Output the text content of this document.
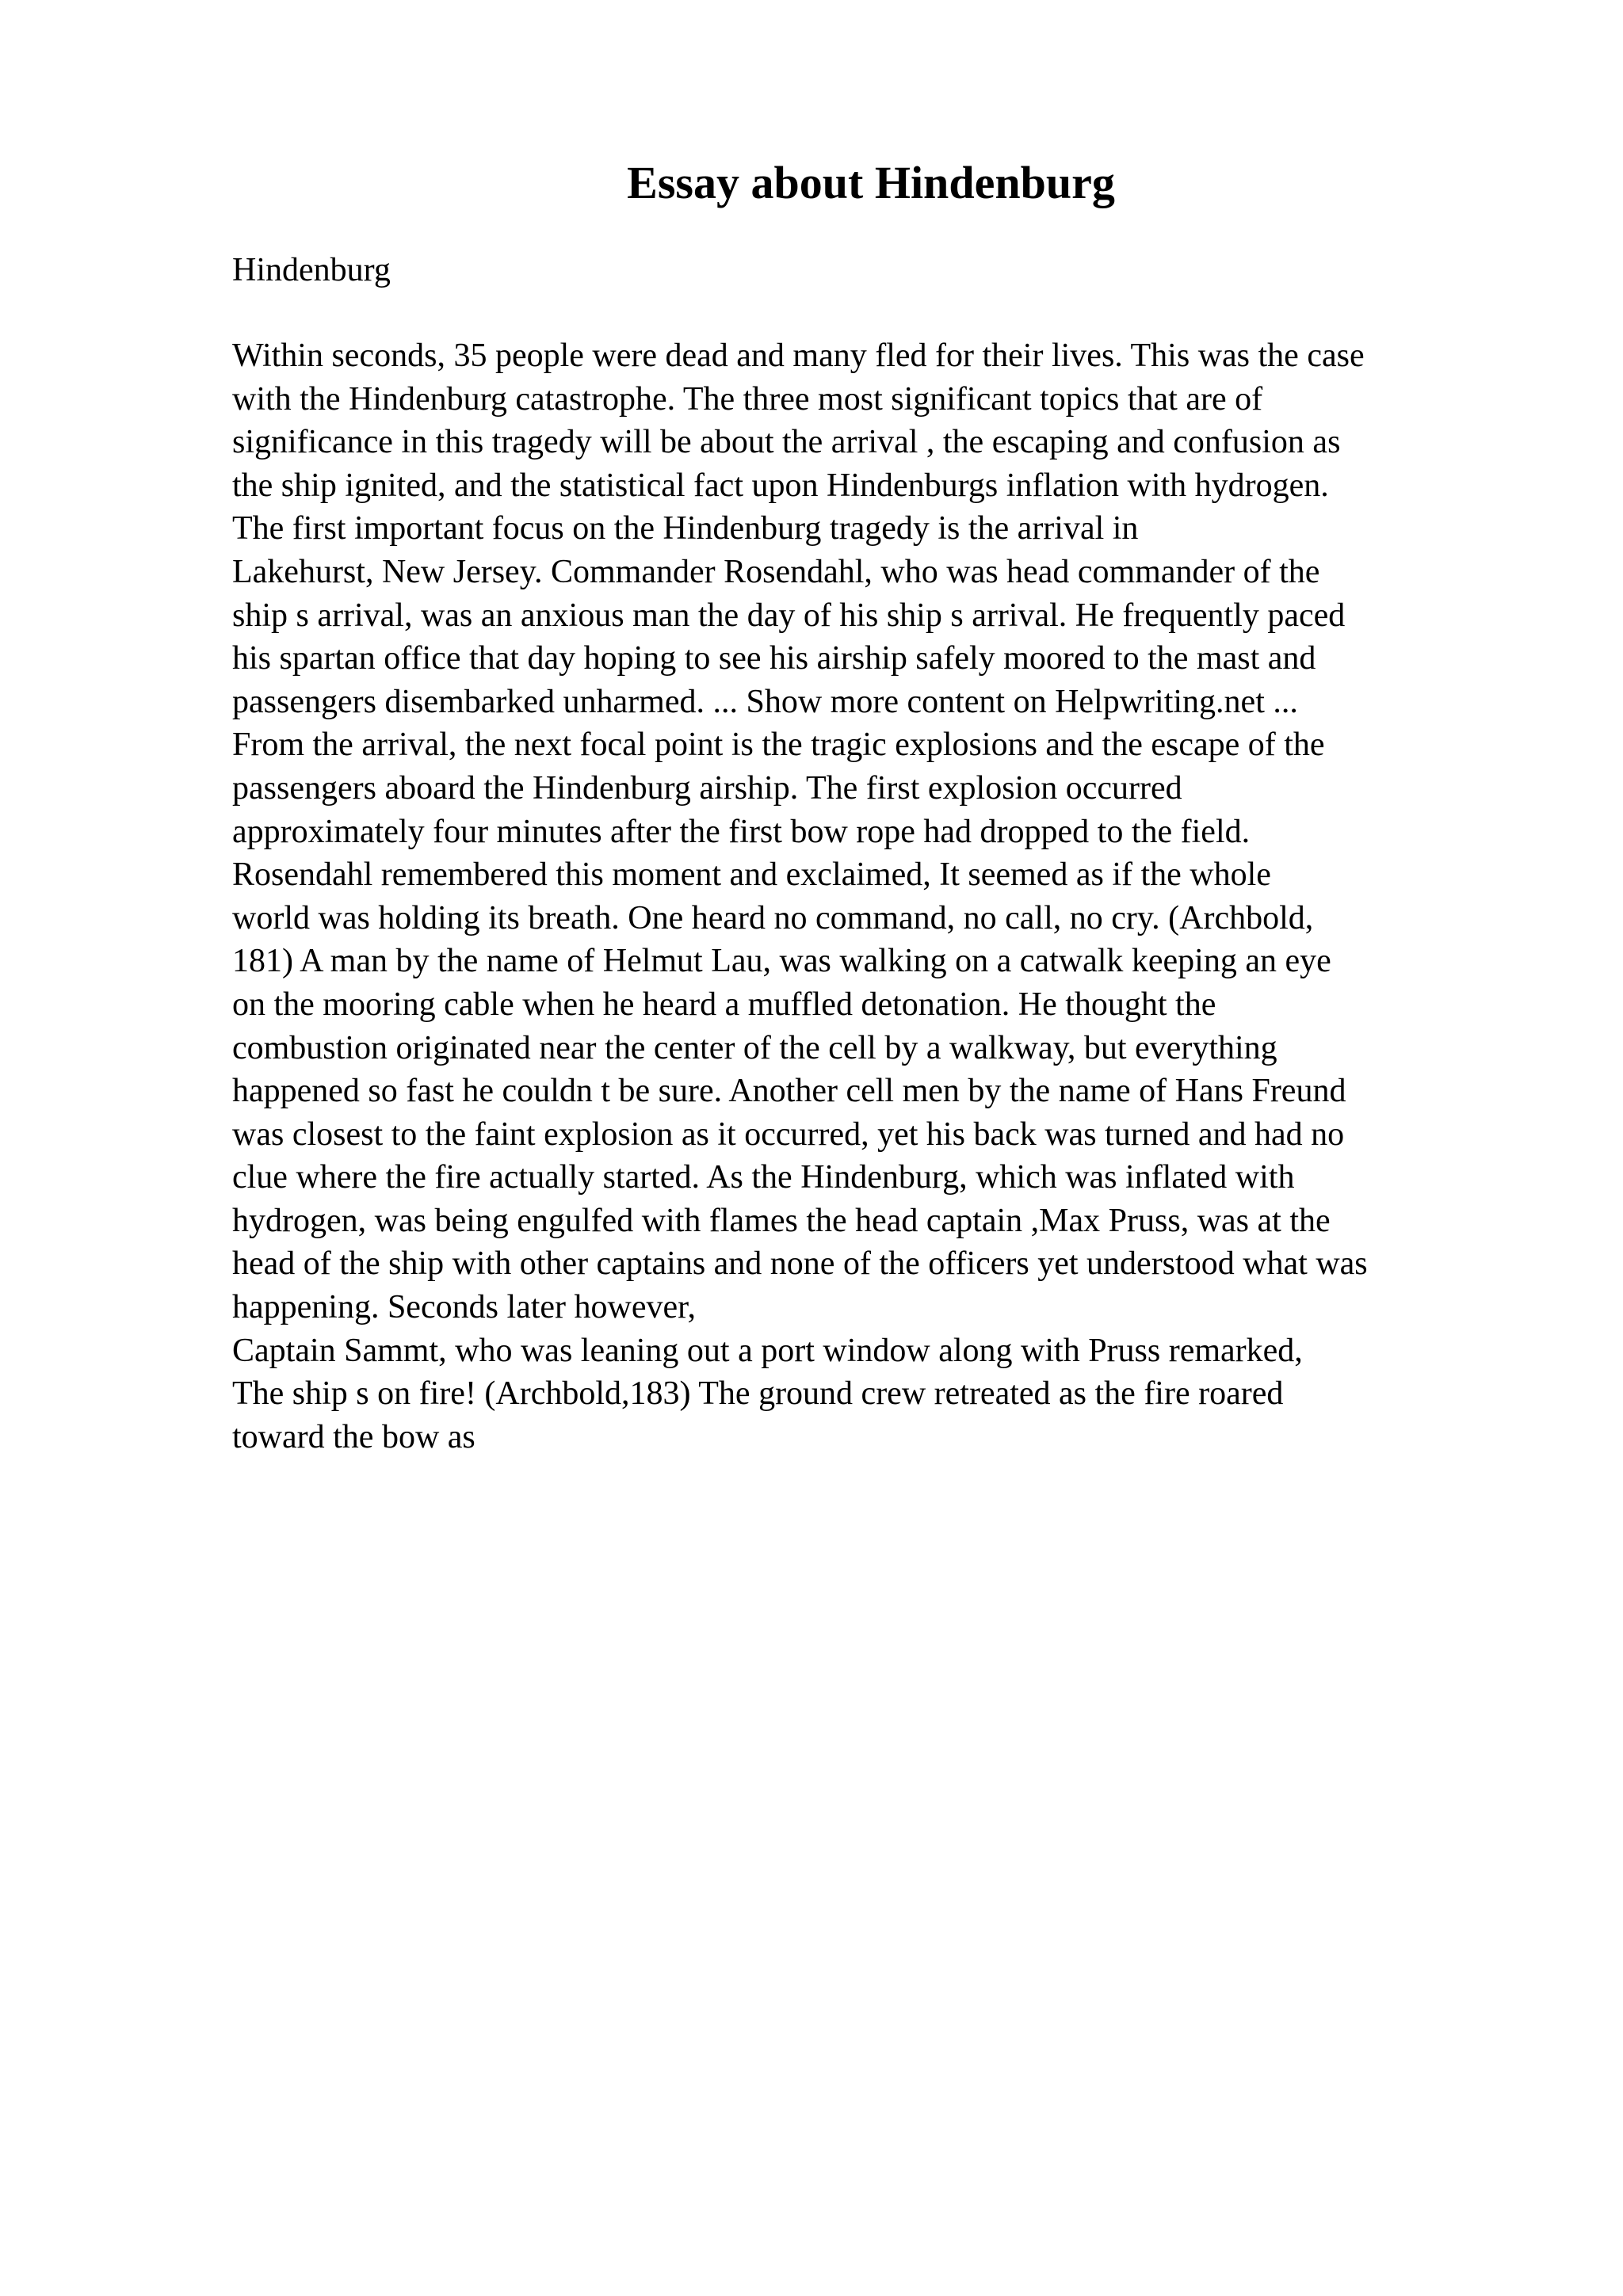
Essay about Hindenburg

Hindenburg

Within seconds, 35 people were dead and many fled for their lives. This was the case
with the Hindenburg catastrophe. The three most significant topics that are of
significance in this tragedy will be about the arrival , the escaping and confusion as
the ship ignited, and the statistical fact upon Hindenburgs inflation with hydrogen.
The first important focus on the Hindenburg tragedy is the arrival in
Lakehurst, New Jersey. Commander Rosendahl, who was head commander of the
ship s arrival, was an anxious man the day of his ship s arrival. He frequently paced
his spartan office that day hoping to see his airship safely moored to the mast and
passengers disembarked unharmed. ... Show more content on Helpwriting.net ...
From the arrival, the next focal point is the tragic explosions and the escape of the
passengers aboard the Hindenburg airship. The first explosion occurred
approximately four minutes after the first bow rope had dropped to the field.
Rosendahl remembered this moment and exclaimed, It seemed as if the whole
world was holding its breath. One heard no command, no call, no cry. (Archbold,
181) A man by the name of Helmut Lau, was walking on a catwalk keeping an eye
on the mooring cable when he heard a muffled detonation. He thought the
combustion originated near the center of the cell by a walkway, but everything
happened so fast he couldn t be sure. Another cell men by the name of Hans Freund
was closest to the faint explosion as it occurred, yet his back was turned and had no
clue where the fire actually started. As the Hindenburg, which was inflated with
hydrogen, was being engulfed with flames the head captain ,Max Pruss, was at the
head of the ship with other captains and none of the officers yet understood what was
happening. Seconds later however,
Captain Sammt, who was leaning out a port window along with Pruss remarked,
The ship s on fire! (Archbold,183) The ground crew retreated as the fire roared
toward the bow as
